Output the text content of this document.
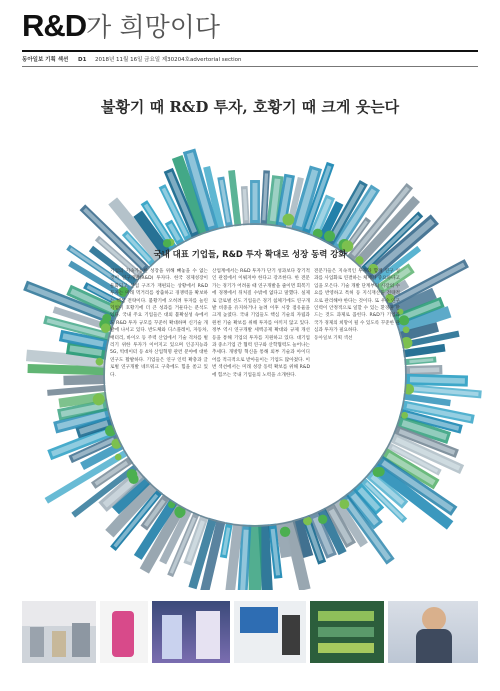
R&D가 희망이다
동아일보 기획 섹션 D1 2018년 11월 16일 금요일 제30204호 advertorial section
불황기 때 R&D 투자, 호황기 때 크게 웃는다
국내 대표 기업들, R&D 투자 확대로 성장 동력 강화
기업의 지속가능한 성장을 위해 빼놓을 수 없는 것이 연구개발(R&D) 투자다. 한국 경제성장이 둔화되고 산업 구조가 재편되는 상황에서 R&D 투자는 미래 먹거리를 창출하고 경쟁력을 확보하는 핵심 전략이다. 불황기에 오히려 투자를 늘린 기업이 호황기에 더 큰 성과를 거둔다는 분석도 있다. 국내 주요 기업들은 대외 불확실성 속에서도 R&D 투자 규모를 꾸준히 확대하며 신기술 개발에 나서고 있다. 반도체와 디스플레이, 자동차, 배터리, 바이오 등 주력 산업에서 기술 격차를 벌리기 위한 투자가 이어지고 있으며 인공지능과 5G, 빅데이터 등 4차 산업혁명 관련 분야에 대한 연구도 활발하다. 기업들은 연구 인력 확충과 글로벌 연구개발 네트워크 구축에도 힘을 쏟고 있다.
산업계에서는 R&D 투자가 단기 성과보다 장기적인 관점에서 이뤄져야 한다고 강조한다. 한 전문가는 경기가 어려울 때 연구개발을 줄이면 회복기에 경쟁에서 뒤처질 수밖에 없다고 말했다. 실제로 글로벌 선도 기업들은 경기 침체기에도 연구개발 비중을 유지하거나 늘려 이후 시장 점유율을 크게 높였다. 국내 기업들도 핵심 기술의 자립과 원천 기술 확보를 위해 투자를 아끼지 않고 있다. 정부 역시 연구개발 세액공제 확대와 규제 개선 등을 통해 기업의 투자를 지원하고 있다. 대기업과 중소기업 간 협력 연구와 산학협력도 늘어나는 추세다. 개방형 혁신을 통해 외부 기술과 아이디어를 적극적으로 받아들이는 기업도 많아졌다. 이번 섹션에서는 미래 성장 동력 확보를 위해 R&D에 힘쓰는 국내 기업들의 노력을 소개한다.
전문가들은 지속적인 투자와 함께 연구 성과를 사업화로 연결하는 체계가 중요하다고 입을 모은다. 기술 개발 단계부터 시장의 수요를 반영하고 특허 등 지식재산을 전략적으로 관리해야 한다는 것이다. 또 우수 연구 인력이 안정적으로 일할 수 있는 환경을 만드는 것도 과제로 꼽힌다. R&D가 기업과 국가 경제의 희망이 될 수 있도록 꾸준한 관심과 투자가 필요하다.
동아일보 기획 섹션
